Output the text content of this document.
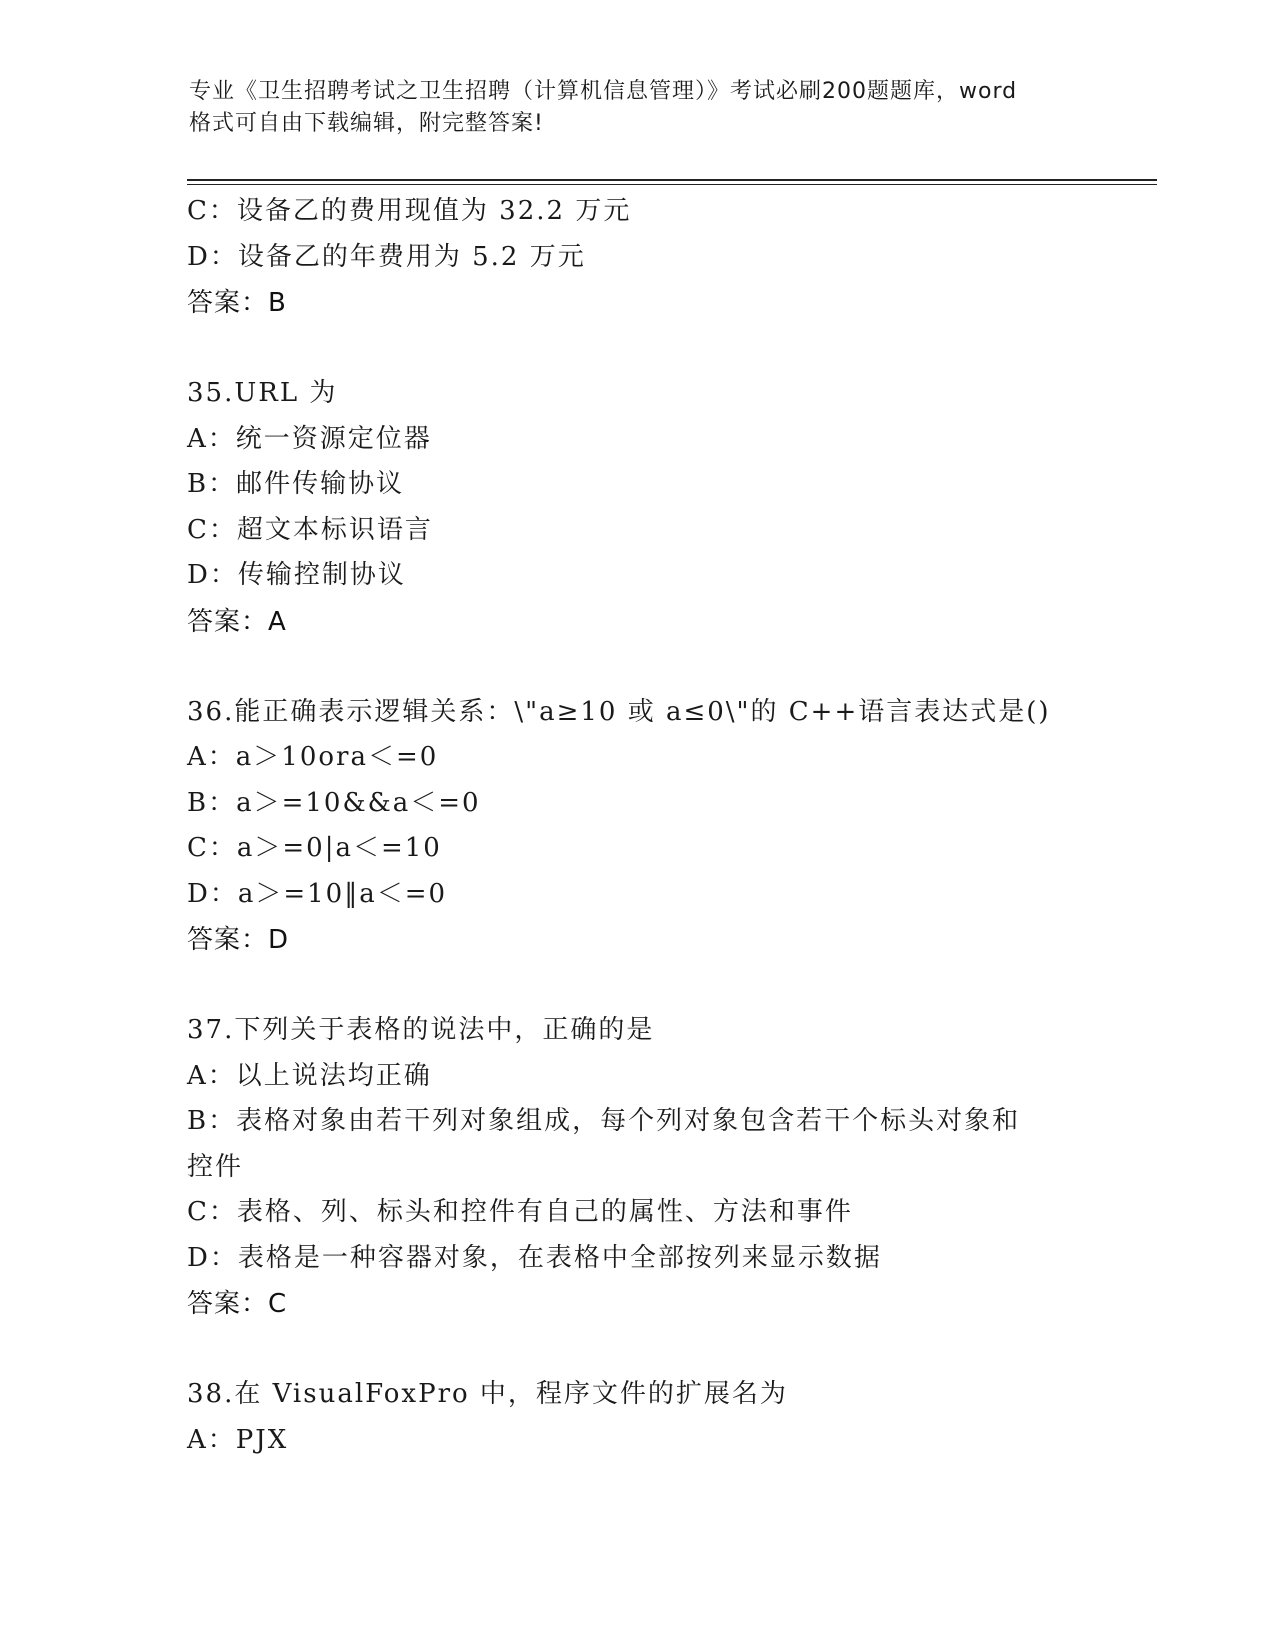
专业《卫生招聘考试之卫生招聘（计算机信息管理）》考试必刷200题题库，word
格式可自由下载编辑，附完整答案!
C：设备乙的费用现值为 32.2 万元
D：设备乙的年费用为 5.2 万元
答案：B
35.URL 为
A：统一资源定位器
B：邮件传输协议
C：超文本标识语言
D：传输控制协议
答案：A
36.能正确表示逻辑关系：\"a≥10 或 a≤0\"的 C++语言表达式是()
A：a＞10ora＜=0
B：a＞=10&&a＜=0
C：a＞=0|a＜=10
D：a＞=10‖a＜=0
答案：D
37.下列关于表格的说法中，正确的是
A：以上说法均正确
B：表格对象由若干列对象组成，每个列对象包含若干个标头对象和控件
C：表格、列、标头和控件有自己的属性、方法和事件
D：表格是一种容器对象，在表格中全部按列来显示数据
答案：C
38.在 VisualFoxPro 中，程序文件的扩展名为
A：PJX
